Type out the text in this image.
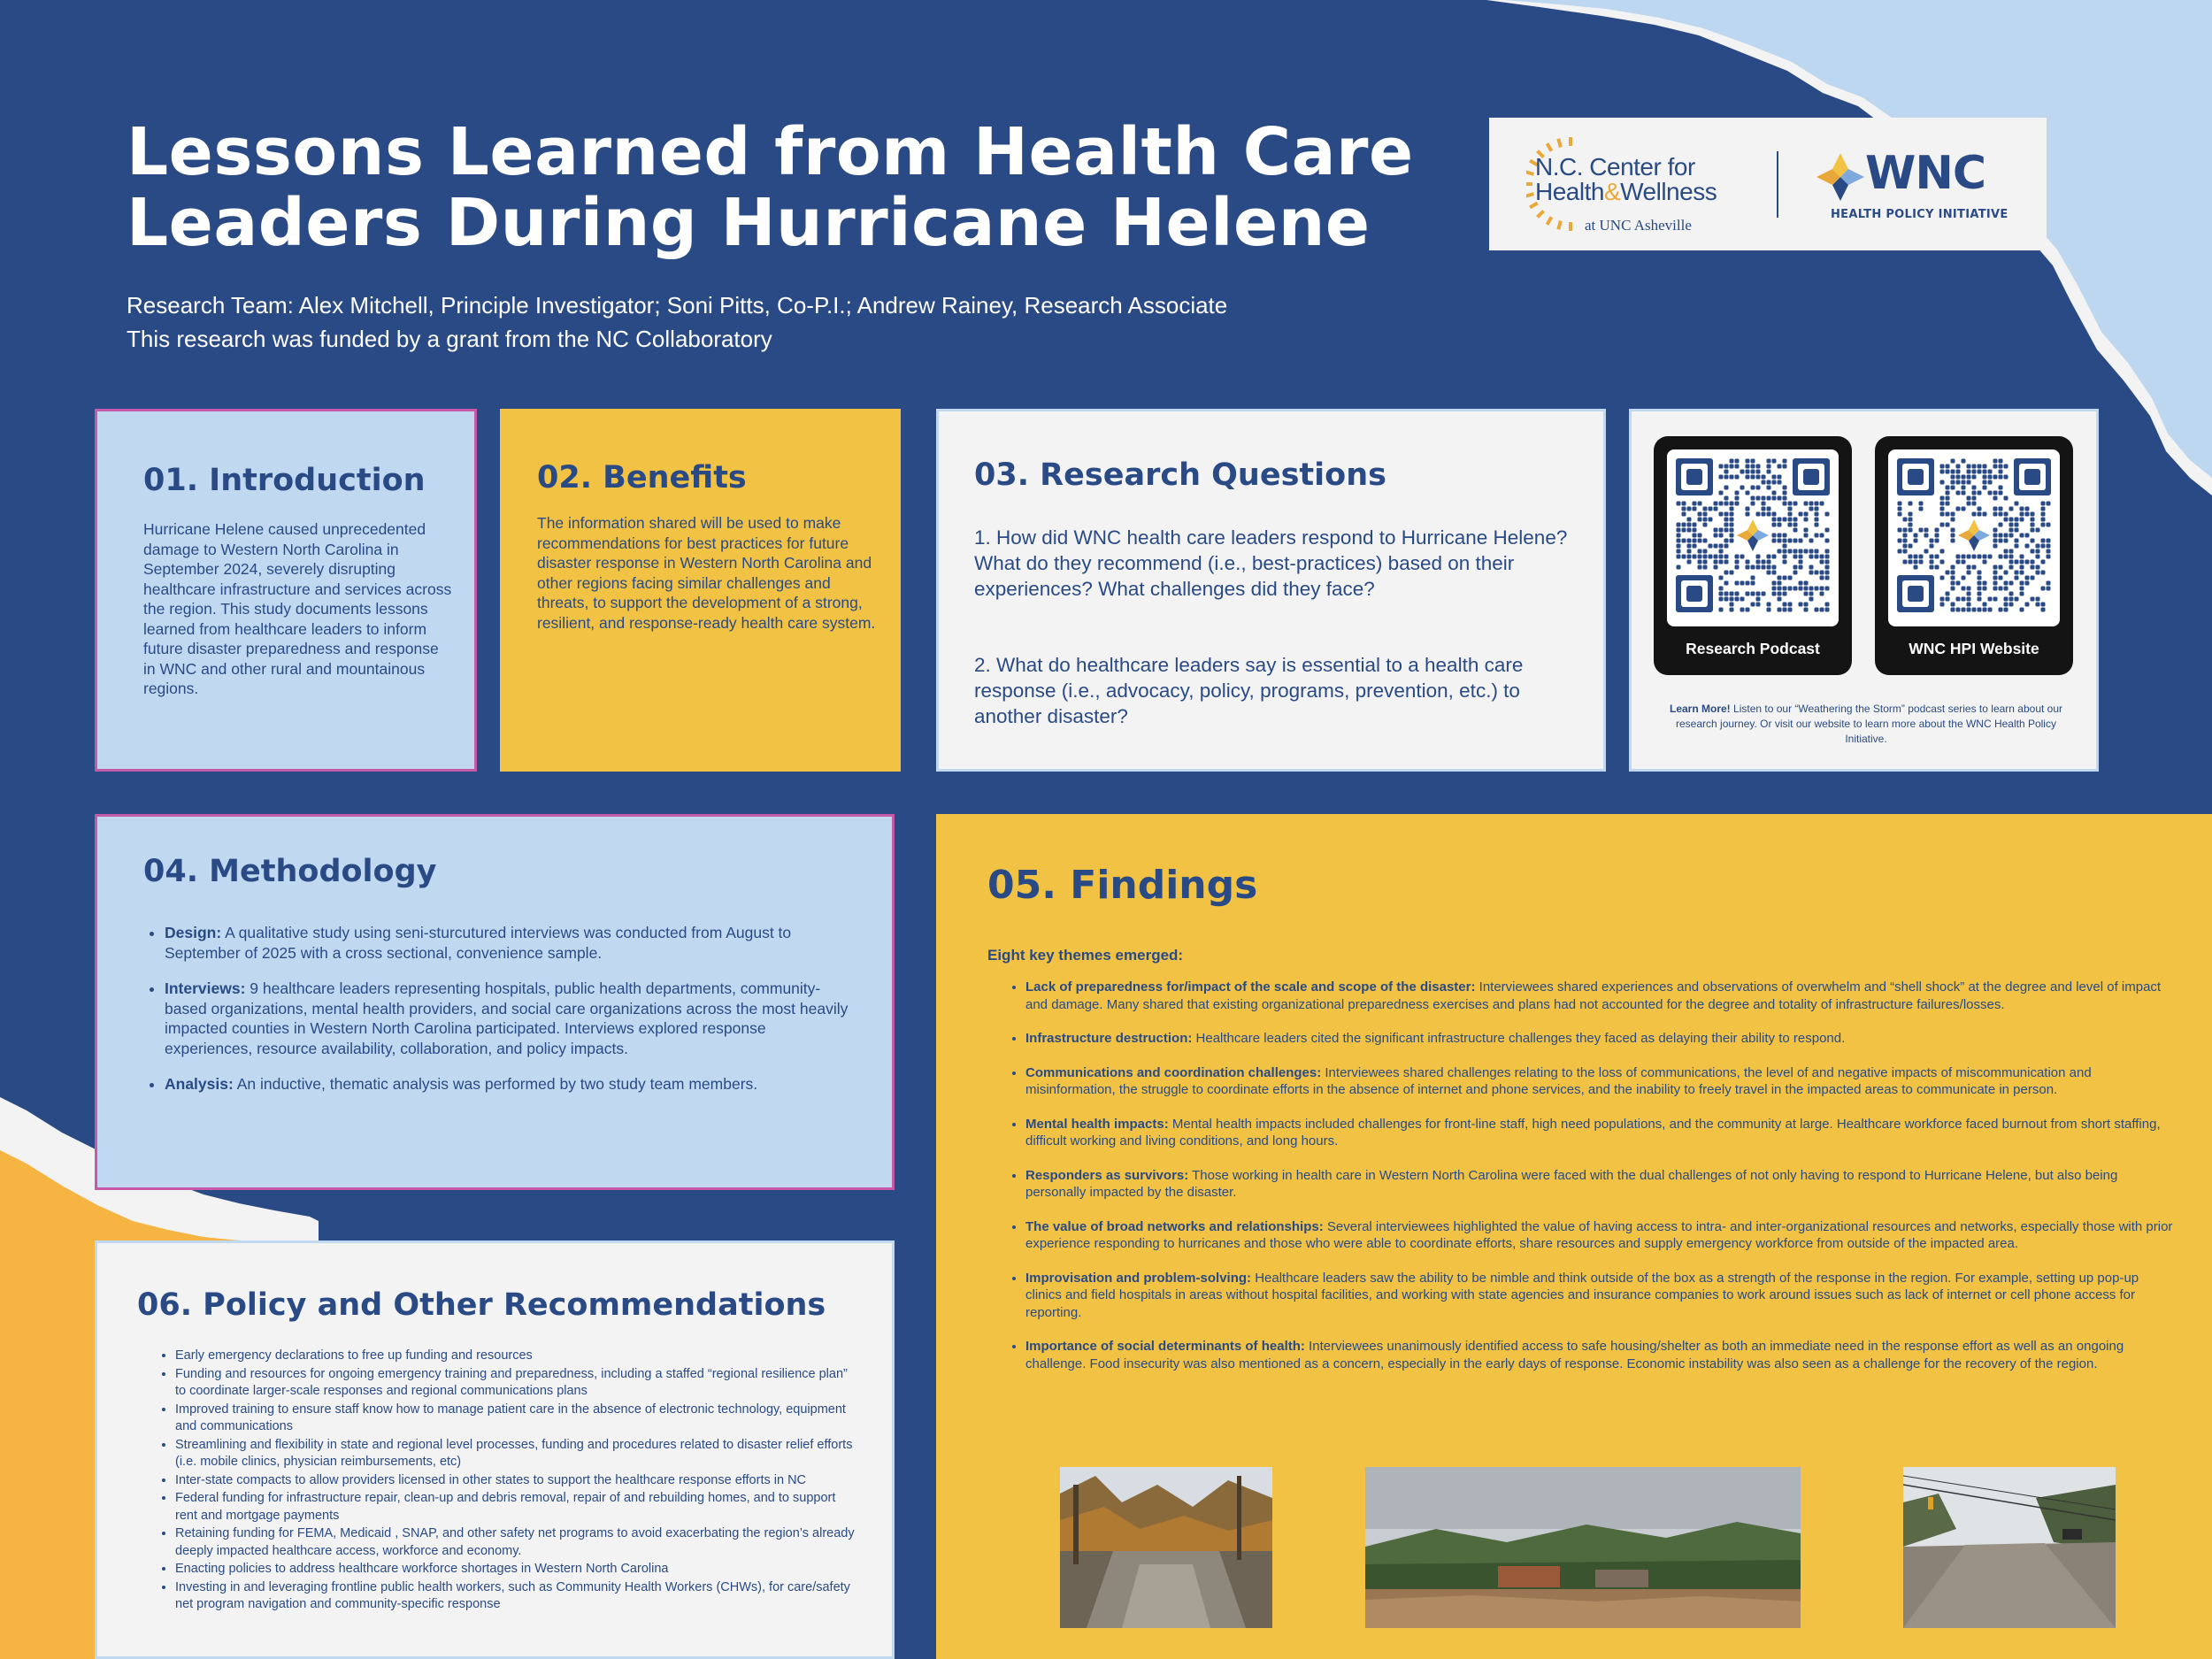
Lessons Learned from Health Care
Leaders During Hurricane Helene
Research Team: Alex Mitchell, Principle Investigator; Soni Pitts, Co-P.I.; Andrew Rainey, Research Associate
This research was funded by a grant from the NC Collaboratory
N.C. Center for
Health&Wellness
at UNC Asheville
WNC
HEALTH POLICY INITIATIVE
01. Introduction
Hurricane Helene caused unprecedented damage to Western North Carolina in September 2024, severely disrupting healthcare infrastructure and services across the region. This study documents lessons learned from healthcare leaders to inform future disaster preparedness and response in WNC and other rural and mountainous regions.
02. Benefits
The information shared will be used to make recommendations for best practices for future disaster response in Western North Carolina and other regions facing similar challenges and threats, to support the development of a strong, resilient, and response-ready health care system.
03. Research Questions
1. How did WNC health care leaders respond to Hurricane Helene? What do they recommend (i.e., best-practices) based on their experiences? What challenges did they face?
2. What do healthcare leaders say is essential to a health care response (i.e., advocacy, policy, programs, prevention, etc.) to another disaster?
Research Podcast	WNC HPI Website
Learn More! Listen to our “Weathering the Storm” podcast series to learn about our research journey. Or visit our website to learn more about the WNC Health Policy Initiative.
04. Methodology
• Design: A qualitative study using seni-sturcutured interviews was conducted from August to September of 2025 with a cross sectional, convenience sample.
• Interviews: 9 healthcare leaders representing hospitals, public health departments, community-based organizations, mental health providers, and social care organizations across the most heavily impacted counties in Western North Carolina participated. Interviews explored response experiences, resource availability, collaboration, and policy impacts.
• Analysis: An inductive, thematic analysis was performed by two study team members.
05. Findings
Eight key themes emerged:
• Lack of preparedness for/impact of the scale and scope of the disaster: Interviewees shared experiences and observations of overwhelm and “shell shock” at the degree and level of impact and damage. Many shared that existing organizational preparedness exercises and plans had not accounted for the degree and totality of infrastructure failures/losses.
• Infrastructure destruction: Healthcare leaders cited the significant infrastructure challenges they faced as delaying their ability to respond.
• Communications and coordination challenges: Interviewees shared challenges relating to the loss of communications, the level of and negative impacts of miscommunication and misinformation, the struggle to coordinate efforts in the absence of internet and phone services, and the inability to freely travel in the impacted areas to communicate in person.
• Mental health impacts: Mental health impacts included challenges for front-line staff, high need populations, and the community at large. Healthcare workforce faced burnout from short staffing, difficult working and living conditions, and long hours.
• Responders as survivors: Those working in health care in Western North Carolina were faced with the dual challenges of not only having to respond to Hurricane Helene, but also being personally impacted by the disaster.
• The value of broad networks and relationships: Several interviewees highlighted the value of having access to intra- and inter-organizational resources and networks, especially those with prior experience responding to hurricanes and those who were able to coordinate efforts, share resources and supply emergency workforce from outside of the impacted area.
• Improvisation and problem-solving: Healthcare leaders saw the ability to be nimble and think outside of the box as a strength of the response in the region. For example, setting up pop-up clinics and field hospitals in areas without hospital facilities, and working with state agencies and insurance companies to work around issues such as lack of internet or cell phone access for reporting.
• Importance of social determinants of health: Interviewees unanimously identified access to safe housing/shelter as both an immediate need in the response effort as well as an ongoing challenge. Food insecurity was also mentioned as a concern, especially in the early days of response. Economic instability was also seen as a challenge for the recovery of the region.
06. Policy and Other Recommendations
• Early emergency declarations to free up funding and resources
• Funding and resources for ongoing emergency training and preparedness, including a staffed “regional resilience plan” to coordinate larger-scale responses and regional communications plans
• Improved training to ensure staff know how to manage patient care in the absence of electronic technology, equipment and communications
• Streamlining and flexibility in state and regional level processes, funding and procedures related to disaster relief efforts (i.e. mobile clinics, physician reimbursements, etc)
• Inter-state compacts to allow providers licensed in other states to support the healthcare response efforts in NC
• Federal funding for infrastructure repair, clean-up and debris removal, repair of and rebuilding homes, and to support rent and mortgage payments
• Retaining funding for FEMA, Medicaid , SNAP, and other safety net programs to avoid exacerbating the region’s already deeply impacted healthcare access, workforce and economy.
• Enacting policies to address healthcare workforce shortages in Western North Carolina
• Investing in and leveraging frontline public health workers, such as Community Health Workers (CHWs), for care/safety net program navigation and community-specific response
